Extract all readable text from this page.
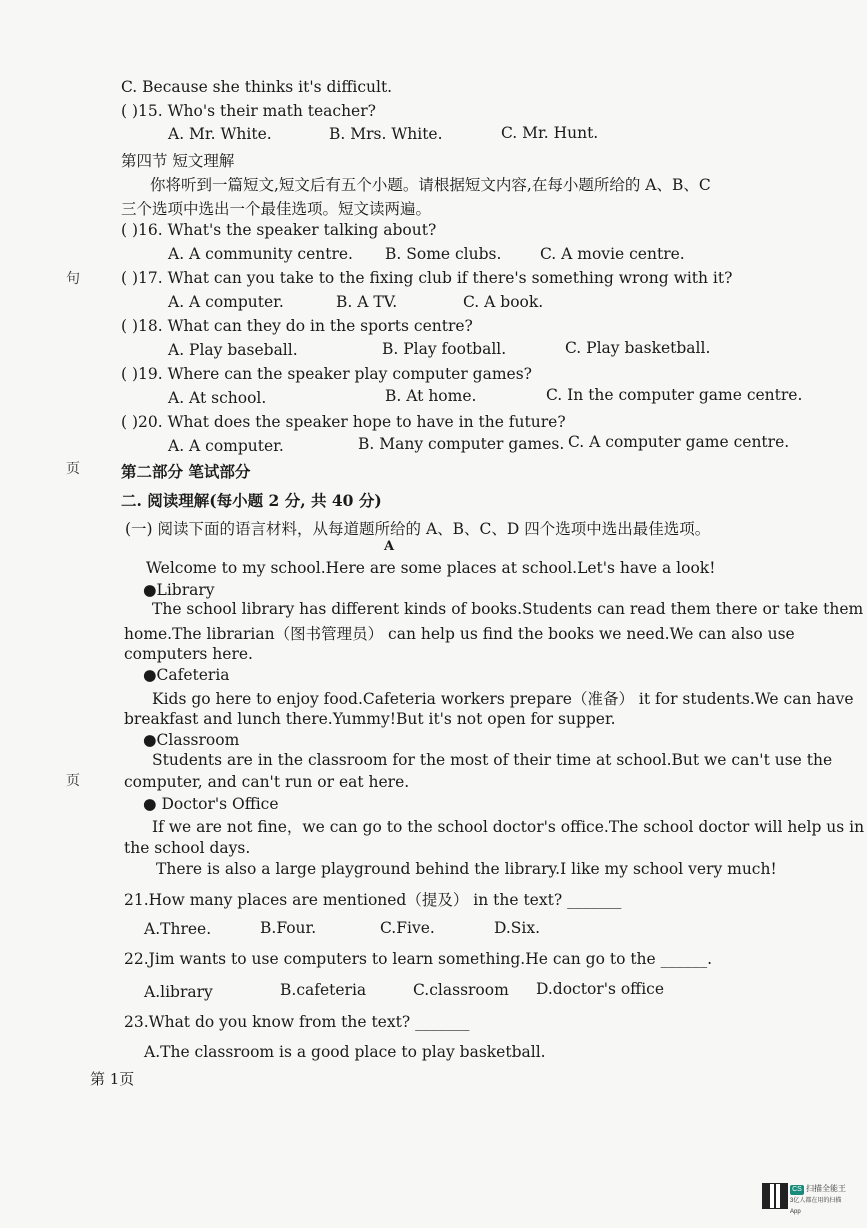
句
页
页
C. Because she thinks it's difficult.
( )15. Who's their math teacher?
A. Mr. White.	B. Mrs. White.	C. Mr. Hunt.
第四节 短文理解
你将听到一篇短文,短文后有五个小题。请根据短文内容,在每小题所给的 A、B、C
三个选项中选出一个最佳选项。短文读两遍。
( )16. What's the speaker talking about?
A. A community centre. B. Some clubs. C. A movie centre.
( )17. What can you take to the fixing club if there's something wrong with it?
A. A computer.	B. A TV.	C. A book.
( )18. What can they do in the sports centre?
A. Play baseball.	B. Play football.	C. Play basketball.
( )19. Where can the speaker play computer games?
A. At school.	B. At home.	C. In the computer game centre.
( )20. What does the speaker hope to have in the future?
A. A computer.	B. Many computer games. C. A computer game centre.
第二部分 笔试部分
二. 阅读理解(每小题 2 分, 共 40 分)
(一) 阅读下面的语言材料，从每道题所给的 A、B、C、D 四个选项中选出最佳选项。
A
Welcome to my school.Here are some places at school.Let's have a look!
●Library
The school library has different kinds of books.Students can read them there or take them
home.The librarian（图书管理员） can help us find the books we need.We can also use
computers here.
●Cafeteria
Kids go here to enjoy food.Cafeteria workers prepare（准备） it for students.We can have
breakfast and lunch there.Yummy!But it's not open for supper.
●Classroom
Students are in the classroom for the most of their time at school.But we can't use the
computer, and can't run or eat here.
● Doctor's Office
If we are not fine，we can go to the school doctor's office.The school doctor will help us in
the school days.
There is also a large playground behind the library.I like my school very much!
21.How many places are mentioned（提及） in the text? _______
A.Three.	B.Four.	C.Five.	D.Six.
22.Jim wants to use computers to learn something.He can go to the ______.
A.library	B.cafeteria	C.classroom D.doctor's office
23.What do you know from the text? _______
A.The classroom is a good place to play basketball.
第 1页
CS 扫描全能王
3亿人都在用的扫描App
